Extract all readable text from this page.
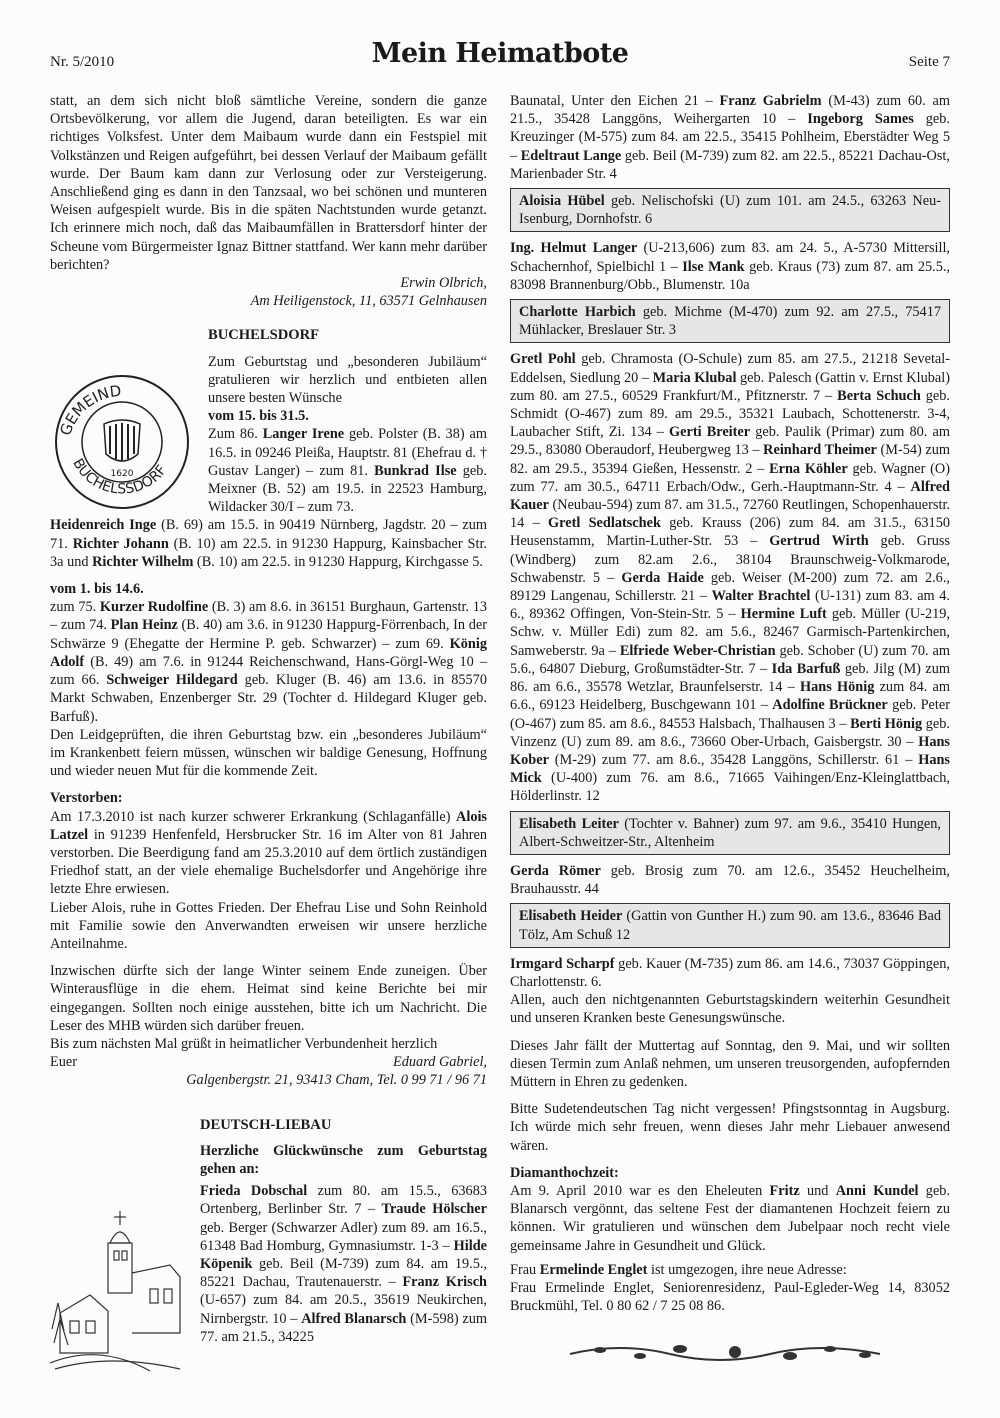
Nr. 5/2010	Mein Heimatbote	Seite 7
GEMEIND
BUCHELSSDORF
1620

statt, an dem sich nicht bloß sämtliche Vereine, sondern die ganze Ortsbevölkerung, vor allem die Jugend, daran beteiligten. Es war ein richtiges Volksfest. Unter dem Maibaum wurde dann ein Festspiel mit Volkstänzen und Reigen aufgeführt, bei dessen Verlauf der Maibaum gefällt wurde. Der Baum kam dann zur Verlosung oder zur Versteigerung. Anschließend ging es dann in den Tanzsaal, wo bei schönen und munteren Weisen aufgespielt wurde. Bis in die späten Nachtstunden wurde getanzt. Ich erinnere mich noch, daß das Maibaumfällen in Brattersdorf hinter der Scheune vom Bürgermeister Ignaz Bittner stattfand. Wer kann mehr darüber berichten?

Erwin Olbrich,

Am Heiligenstock, 11, 63571 Gelnhausen

BUCHELSDORF

Zum Geburtstag und „besonderen Jubiläum“ gratulieren wir herzlich und entbieten allen unsere besten Wünsche

vom 15. bis 31.5.

Zum 86. Langer Irene geb. Polster (B. 38) am 16.5. in 09246 Pleißa, Hauptstr. 81 (Ehefrau d. † Gustav Langer) – zum 81. Bunkrad Ilse geb. Meixner (B. 52) am 19.5. in 22523 Hamburg, Wildacker 30/I – zum 73.

Heidenreich Inge (B. 69) am 15.5. in 90419 Nürnberg, Jagdstr. 20 – zum 71. Richter Johann (B. 10) am 22.5. in 91230 Happurg, Kainsbacher Str. 3a und Richter Wilhelm (B. 10) am 22.5. in 91230 Happurg, Kirchgasse 5.

vom 1. bis 14.6.

zum 75. Kurzer Rudolfine (B. 3) am 8.6. in 36151 Burghaun, Gartenstr. 13 – zum 74. Plan Heinz (B. 40) am 3.6. in 91230 Happurg-Förrenbach, In der Schwärze 9 (Ehegatte der Hermine P. geb. Schwarzer) – zum 69. König Adolf (B. 49) am 7.6. in 91244 Reichenschwand, Hans-Görgl-Weg 10 – zum 66. Schweiger Hildegard geb. Kluger (B. 46) am 13.6. in 85570 Markt Schwaben, Enzenberger Str. 29 (Tochter d. Hildegard Kluger geb. Barfuß).

Den Leidgeprüften, die ihren Geburtstag bzw. ein „besonderes Jubiläum“ im Krankenbett feiern müssen, wünschen wir baldige Genesung, Hoffnung und wieder neuen Mut für die kommende Zeit.

Verstorben:

Am 17.3.2010 ist nach kurzer schwerer Erkrankung (Schlaganfälle) Alois Latzel in 91239 Henfenfeld, Hersbrucker Str. 16 im Alter von 81 Jahren verstorben. Die Beerdigung fand am 25.3.2010 auf dem örtlich zuständigen Friedhof statt, an der viele ehemalige Buchelsdorfer und Angehörige ihre letzte Ehre erwiesen.

Lieber Alois, ruhe in Gottes Frieden. Der Ehefrau Lise und Sohn Reinhold mit Familie sowie den Anverwandten erweisen wir unsere herzliche Anteilnahme.

Inzwischen dürfte sich der lange Winter seinem Ende zuneigen. Über Winterausflüge in die ehem. Heimat sind keine Berichte bei mir eingegangen. Sollten noch einige ausstehen, bitte ich um Nachricht. Die Leser des MHB würden sich darüber freuen.

Bis zum nächsten Mal grüßt in heimatlicher Verbundenheit herzlich

Euer	Eduard Gabriel,

Galgenbergstr. 21, 93413 Cham, Tel. 0 99 71 / 96 71

DEUTSCH-LIEBAU

Herzliche Glückwünsche zum Geburtstag gehen an:

Frieda Dobschal zum 80. am 15.5., 63683 Ortenberg, Berlinber Str. 7 – Traude Hölscher geb. Berger (Schwarzer Adler) zum 89. am 16.5., 61348 Bad Homburg, Gymnasiumstr. 1-3 – Hilde Köpenik geb. Beil (M-739) zum 84. am 19.5., 85221 Dachau, Trautenauerstr. – Franz Krisch (U-657) zum 84. am 20.5., 35619 Neukirchen, Nirnbergstr. 10 – Alfred Blanarsch (M-598) zum 77. am 21.5., 34225

Baunatal, Unter den Eichen 21 – Franz Gabrielm (M-43) zum 60. am 21.5., 35428 Langgöns, Weihergarten 10 – Ingeborg Sames geb. Kreuzinger (M-575) zum 84. am 22.5., 35415 Pohlheim, Eberstädter Weg 5 – Edeltraut Lange geb. Beil (M-739) zum 82. am 22.5., 85221 Dachau-Ost, Marienbader Str. 4

Aloisia Hübel geb. Nelischofski (U) zum 101. am 24.5., 63263 Neu-Isenburg, Dornhofstr. 6

Ing. Helmut Langer (U-213,606) zum 83. am 24. 5., A-5730 Mittersill, Schachernhof, Spielbichl 1 – Ilse Mank geb. Kraus (73) zum 87. am 25.5., 83098 Brannenburg/Obb., Blumenstr. 10a

Charlotte Harbich geb. Michme (M-470) zum 92. am 27.5., 75417 Mühlacker, Breslauer Str. 3

Gretl Pohl geb. Chramosta (O-Schule) zum 85. am 27.5., 21218 Sevetal-Eddelsen, Siedlung 20 – Maria Klubal geb. Palesch (Gattin v. Ernst Klubal) zum 80. am 27.5., 60529 Frankfurt/M., Pfitznerstr. 7 – Berta Schuch geb. Schmidt (O-467) zum 89. am 29.5., 35321 Laubach, Schottenerstr. 3-4, Laubacher Stift, Zi. 134 – Gerti Breiter geb. Paulik (Primar) zum 80. am 29.5., 83080 Oberaudorf, Heubergweg 13 – Reinhard Theimer (M-54) zum 82. am 29.5., 35394 Gießen, Hessenstr. 2 – Erna Köhler geb. Wagner (O) zum 77. am 30.5., 64711 Erbach/Odw., Gerh.-Hauptmann-Str. 4 – Alfred Kauer (Neubau-594) zum 87. am 31.5., 72760 Reutlingen, Schopenhauerstr. 14 – Gretl Sedlatschek geb. Krauss (206) zum 84. am 31.5., 63150 Heusenstamm, Martin-Luther-Str. 53 – Gertrud Wirth geb. Gruss (Windberg) zum 82.am 2.6., 38104 Braunschweig-Volkmarode, Schwabenstr. 5 – Gerda Haide geb. Weiser (M-200) zum 72. am 2.6., 89129 Langenau, Schillerstr. 21 – Walter Brachtel (U-131) zum 83. am 4. 6., 89362 Offingen, Von-Stein-Str. 5 – Hermine Luft geb. Müller (U-219, Schw. v. Müller Edi) zum 82. am 5.6., 82467 Garmisch-Partenkirchen, Samweberstr. 9a – Elfriede Weber-Christian geb. Schober (U) zum 70. am 5.6., 64807 Dieburg, Großumstädter-Str. 7 – Ida Barfuß geb. Jilg (M) zum 86. am 6.6., 35578 Wetzlar, Braunfelserstr. 14 – Hans Hönig zum 84. am 6.6., 69123 Heidelberg, Buschgewann 101 – Adolfine Brückner geb. Peter (O-467) zum 85. am 8.6., 84553 Halsbach, Thalhausen 3 – Berti Hönig geb. Vinzenz (U) zum 89. am 8.6., 73660 Ober-Urbach, Gaisbergstr. 30 – Hans Kober (M-29) zum 77. am 8.6., 35428 Langgöns, Schillerstr. 61 – Hans Mick (U-400) zum 76. am 8.6., 71665 Vaihingen/Enz-Kleinglattbach, Hölderlinstr. 12

Elisabeth Leiter (Tochter v. Bahner) zum 97. am 9.6., 35410 Hungen, Albert-Schweitzer-Str., Altenheim

Gerda Römer geb. Brosig zum 70. am 12.6., 35452 Heuchelheim, Brauhausstr. 44

Elisabeth Heider (Gattin von Gunther H.) zum 90. am 13.6., 83646 Bad Tölz, Am Schuß 12

Irmgard Scharpf geb. Kauer (M-735) zum 86. am 14.6., 73037 Göppingen, Charlottenstr. 6.

Allen, auch den nichtgenannten Geburtstagskindern weiterhin Gesundheit und unseren Kranken beste Genesungswünsche.

Dieses Jahr fällt der Muttertag auf Sonntag, den 9. Mai, und wir sollten diesen Termin zum Anlaß nehmen, um unseren treusorgenden, aufopfernden Müttern in Ehren zu gedenken.

Bitte Sudetendeutschen Tag nicht vergessen! Pfingstsonntag in Augsburg. Ich würde mich sehr freuen, wenn dieses Jahr mehr Liebauer anwesend wären.

Diamanthochzeit:

Am 9. April 2010 war es den Eheleuten Fritz und Anni Kundel geb. Blanarsch vergönnt, das seltene Fest der diamantenen Hochzeit feiern zu können. Wir gratulieren und wünschen dem Jubelpaar noch recht viele gemeinsame Jahre in Gesundheit und Glück.

Frau Ermelinde Englet ist umgezogen, ihre neue Adresse:

Frau Ermelinde Englet, Seniorenresidenz, Paul-Egleder-Weg 14, 83052 Bruckmühl, Tel. 0 80 62 / 7 25 08 86.
